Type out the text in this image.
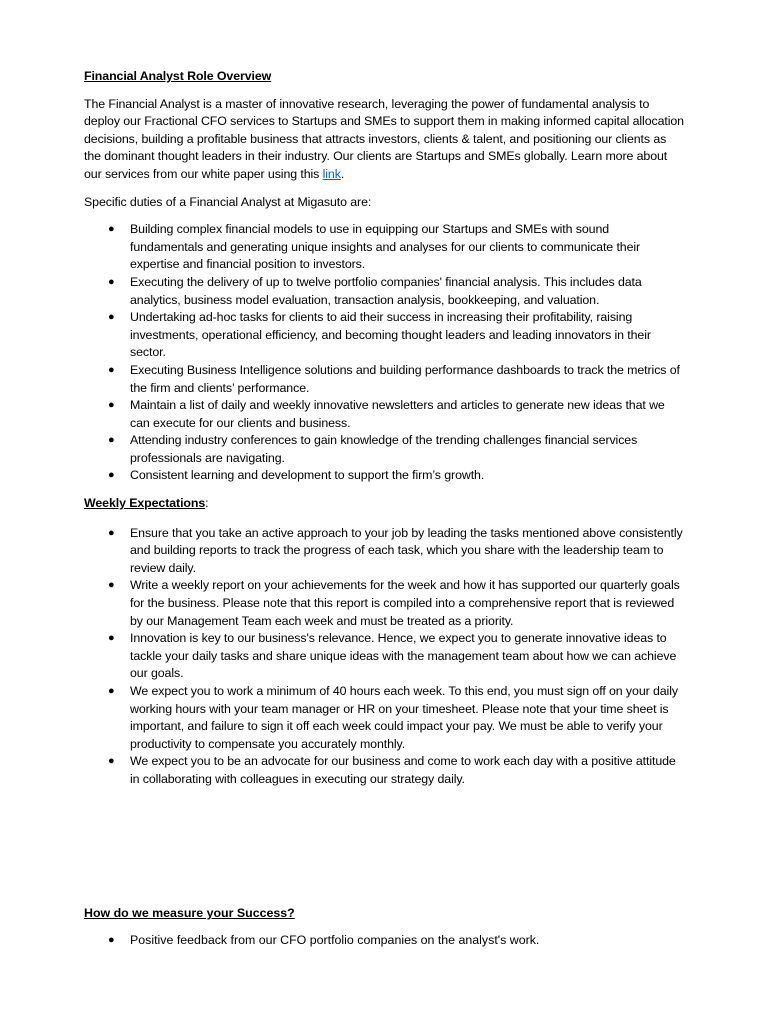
Financial Analyst Role Overview

The Financial Analyst is a master of innovative research, leveraging the power of fundamental analysis to deploy our Fractional CFO services to Startups and SMEs to support them in making informed capital allocation decisions, building a profitable business that attracts investors, clients & talent, and positioning our clients as the dominant thought leaders in their industry. Our clients are Startups and SMEs globally. Learn more about our services from our white paper using this link.

Specific duties of a Financial Analyst at Migasuto are:

● Building complex financial models to use in equipping our Startups and SMEs with sound fundamentals and generating unique insights and analyses for our clients to communicate their expertise and financial position to investors.
● Executing the delivery of up to twelve portfolio companies' financial analysis. This includes data analytics, business model evaluation, transaction analysis, bookkeeping, and valuation.
● Undertaking ad-hoc tasks for clients to aid their success in increasing their profitability, raising investments, operational efficiency, and becoming thought leaders and leading innovators in their sector.
● Executing Business Intelligence solutions and building performance dashboards to track the metrics of the firm and clients’ performance.
● Maintain a list of daily and weekly innovative newsletters and articles to generate new ideas that we can execute for our clients and business.
● Attending industry conferences to gain knowledge of the trending challenges financial services professionals are navigating.
● Consistent learning and development to support the firm’s growth.

Weekly Expectations:

● Ensure that you take an active approach to your job by leading the tasks mentioned above consistently and building reports to track the progress of each task, which you share with the leadership team to review daily.
● Write a weekly report on your achievements for the week and how it has supported our quarterly goals for the business. Please note that this report is compiled into a comprehensive report that is reviewed by our Management Team each week and must be treated as a priority.
● Innovation is key to our business's relevance. Hence, we expect you to generate innovative ideas to tackle your daily tasks and share unique ideas with the management team about how we can achieve our goals.
● We expect you to work a minimum of 40 hours each week. To this end, you must sign off on your daily working hours with your team manager or HR on your timesheet. Please note that your time sheet is important, and failure to sign it off each week could impact your pay. We must be able to verify your productivity to compensate you accurately monthly.
● We expect you to be an advocate for our business and come to work each day with a positive attitude in collaborating with colleagues in executing our strategy daily.

How do we measure your Success?

● Positive feedback from our CFO portfolio companies on the analyst's work.
